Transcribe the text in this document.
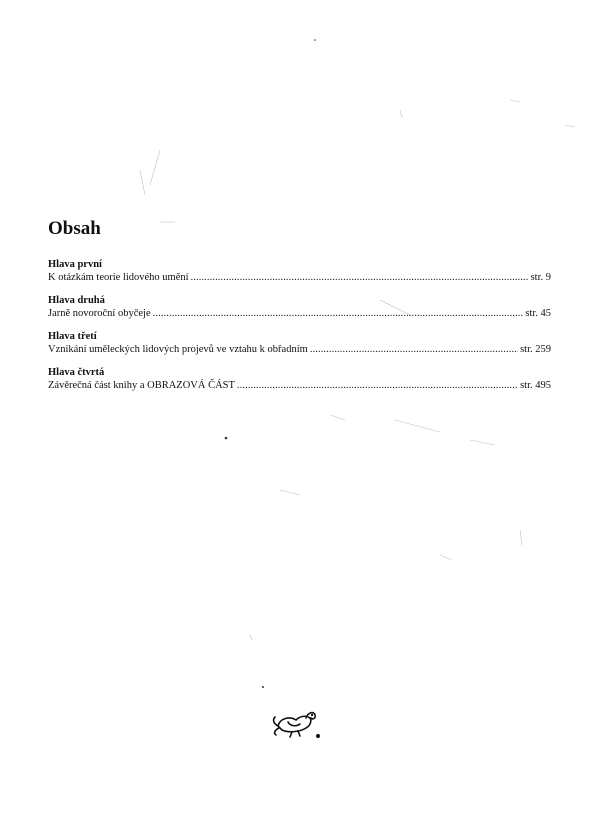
Obsah
Hlava první
K otázkám teorie lidového umění .....	str. 9
Hlava druhá
Jarně novoroční obyčeje .....	str. 45
Hlava třetí
Vznikání uměleckých lidových projevů ve vztahu k obřadním .....	str. 259
Hlava čtvrtá
Závěrečná část knihy a OBRAZOVÁ ČÁST .....	str. 495
